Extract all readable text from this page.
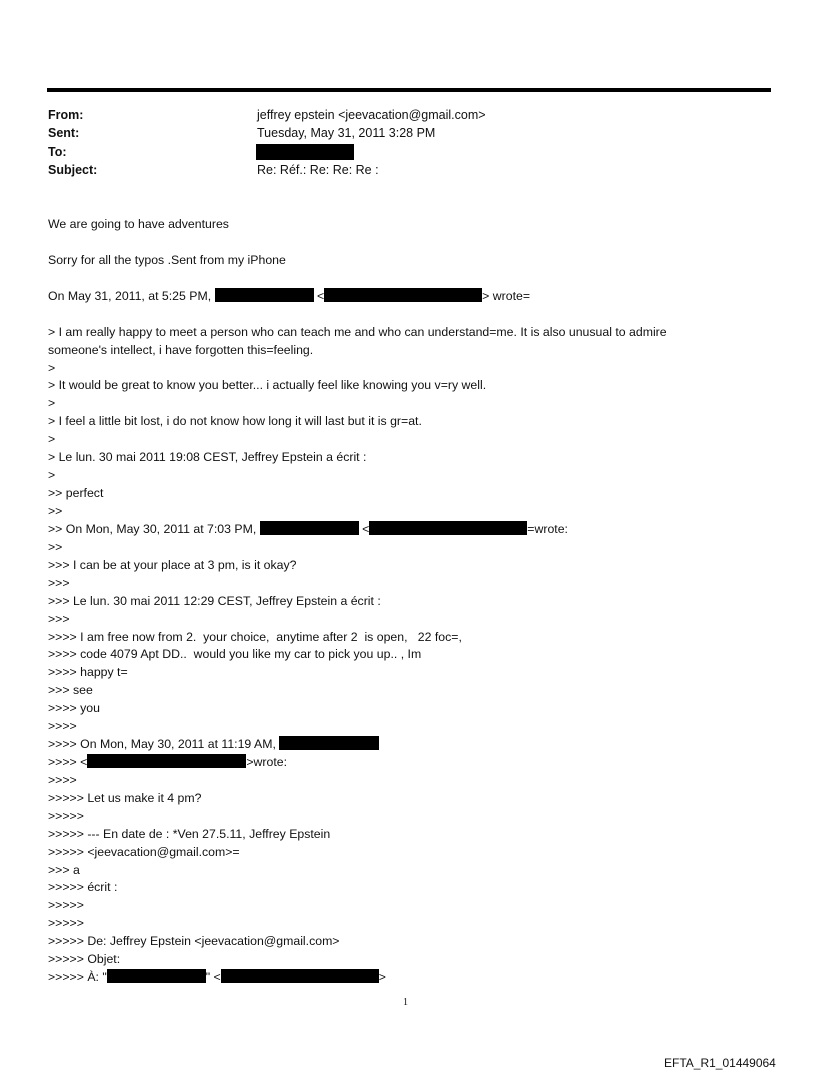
From:	jeffrey epstein <jeevacation@gmail.com>
Sent:	Tuesday, May 31, 2011 3:28 PM
To:
Subject:	Re: Réf.: Re: Re: Re :
We are going to have adventures
Sorry for all the typos .Sent from my iPhone
On May 31, 2011, at 5:25 PM,	<	> wrote=
> I am really happy to meet a person who can teach me and who can understand=me. It is also unusual to admire
someone's intellect, i have forgotten this=feeling.
>
> It would be great to know you better... i actually feel like knowing you v=ry well.
>
> I feel a little bit lost, i do not know how long it will last but it is gr=at.
>
> Le lun. 30 mai 2011 19:08 CEST, Jeffrey Epstein a écrit :
>
>> perfect
>>
>> On Mon, May 30, 2011 at 7:03 PM,	<	=wrote:
>>
>>> I can be at your place at 3 pm, is it okay?
>>>
>>> Le lun. 30 mai 2011 12:29 CEST, Jeffrey Epstein a écrit :
>>>
>>>> I am free now from 2.  your choice,  anytime after 2  is open,   22 foc=,
>>>> code 4079 Apt DD..  would you like my car to pick you up.. , Im
>>>> happy t=
>>> see
>>>> you
>>>>
>>>> On Mon, May 30, 2011 at 11:19 AM,
>>>> <	>wrote:
>>>>
>>>>> Let us make it 4 pm?
>>>>>
>>>>> --- En date de : *Ven 27.5.11, Jeffrey Epstein
>>>>> <jeevacation@gmail.com>=
>>> a
>>>>> écrit :
>>>>>
>>>>>
>>>>> De: Jeffrey Epstein <jeevacation@gmail.com>
>>>>> Objet:
>>>>> À: "	" <	>
1
EFTA_R1_01449064
